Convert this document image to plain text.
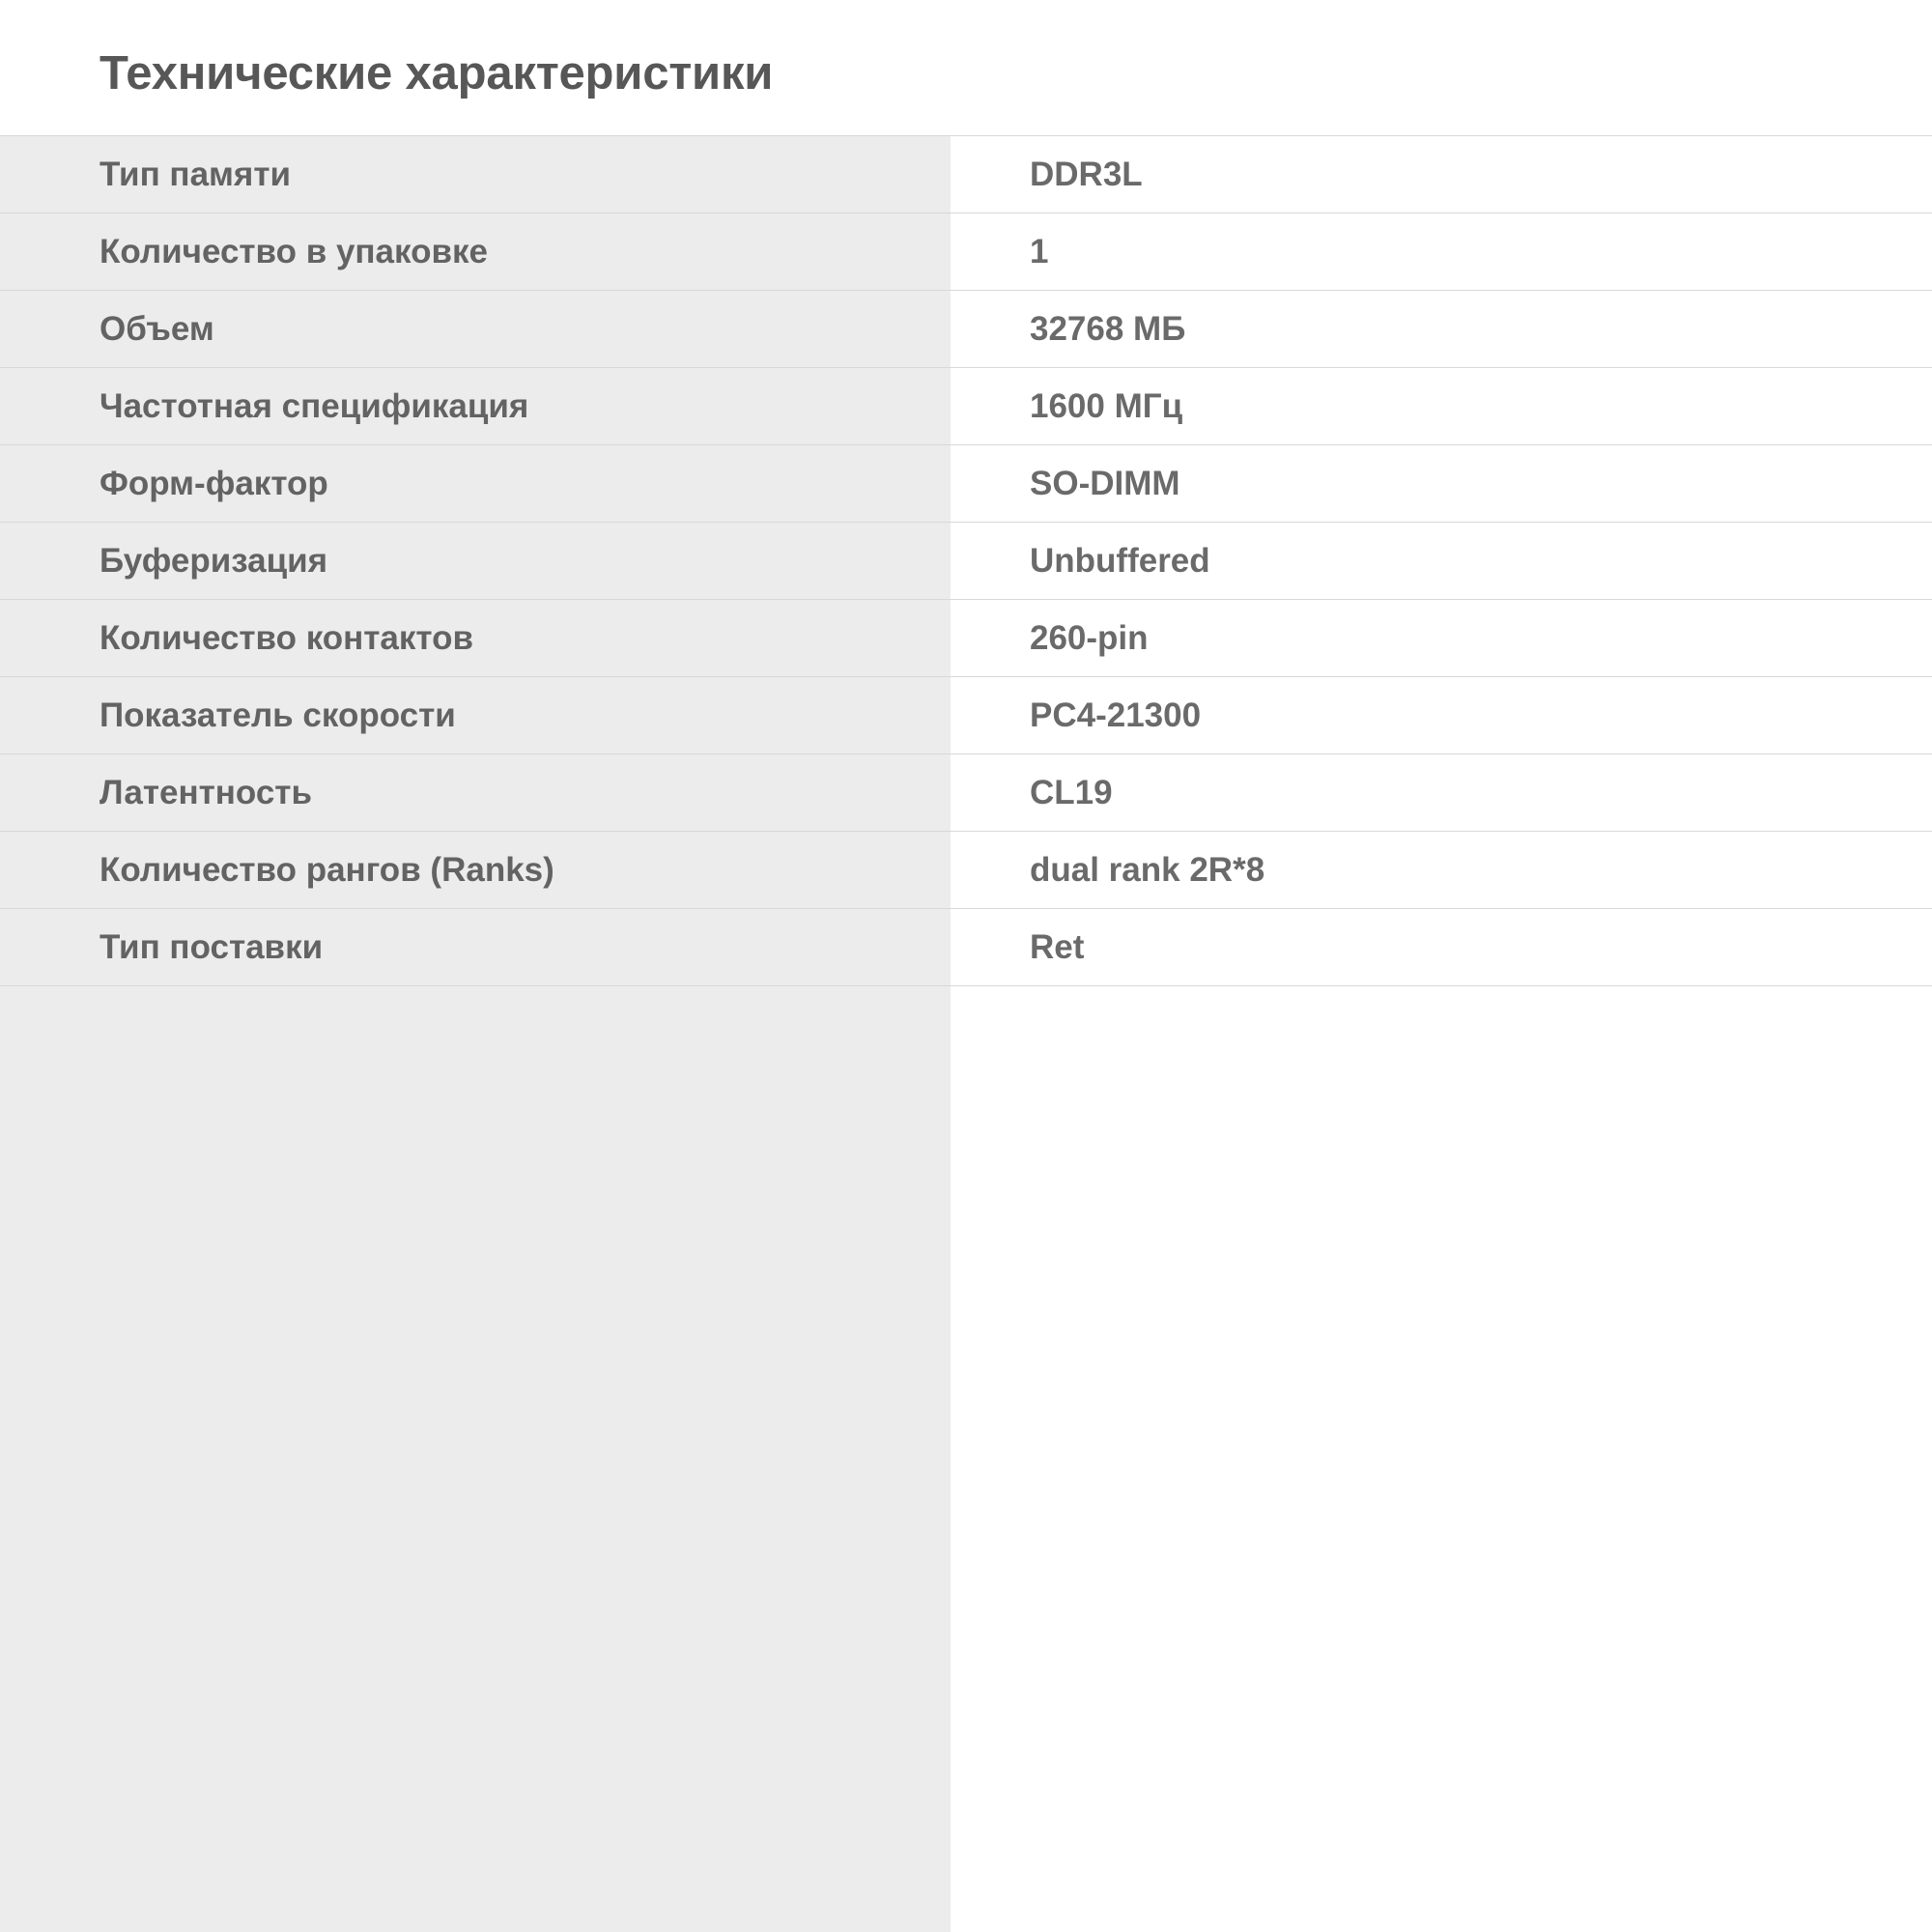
Технические характеристики
Тип памяти	DDR3L
Количество в упаковке	1
Объем	32768 МБ
Частотная спецификация	1600 МГц
Форм-фактор	SO-DIMM
Буферизация	Unbuffered
Количество контактов	260-pin
Показатель скорости	PC4-21300
Латентность	CL19
Количество рангов (Ranks)	dual rank 2R*8
Тип поставки	Ret
